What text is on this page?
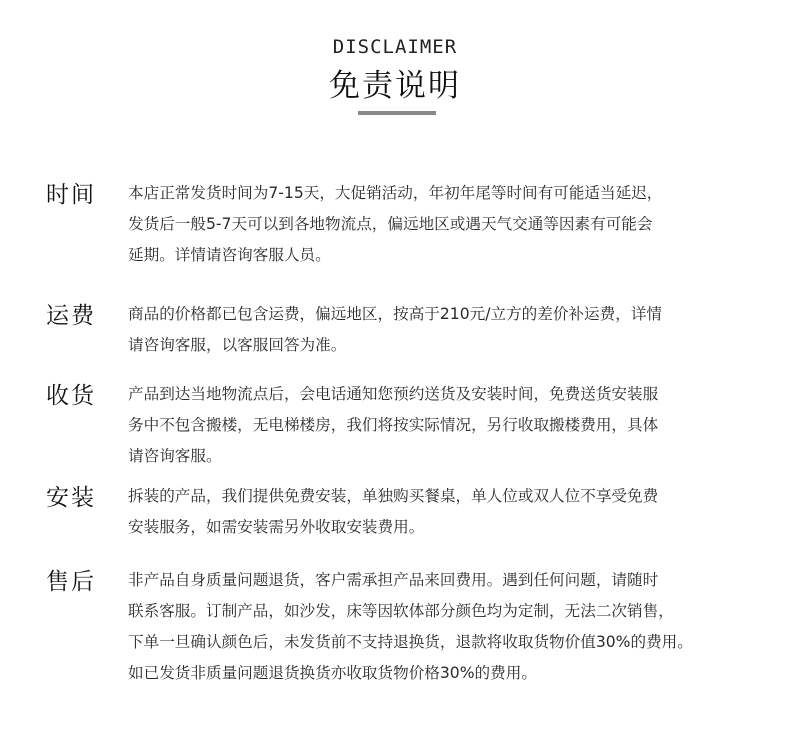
DISCLAIMER
免责说明
时间 本店正常发货时间为7-15天，大促销活动，年初年尾等时间有可能适当延迟，
发货后一般5-7天可以到各地物流点，偏远地区或遇天气交通等因素有可能会
延期。详情请咨询客服人员。
运费 商品的价格都已包含运费，偏远地区，按高于210元/立方的差价补运费，详情
请咨询客服，以客服回答为准。
收货 产品到达当地物流点后，会电话通知您预约送货及安装时间，免费送货安装服
务中不包含搬楼，无电梯楼房，我们将按实际情况，另行收取搬楼费用，具体
请咨询客服。
安装 拆装的产品，我们提供免费安装，单独购买餐桌，单人位或双人位不享受免费
安装服务，如需安装需另外收取安装费用。
售后 非产品自身质量问题退货，客户需承担产品来回费用。遇到任何问题，请随时
联系客服。订制产品，如沙发，床等因软体部分颜色均为定制，无法二次销售，
下单一旦确认颜色后，未发货前不支持退换货，退款将收取货物价值30%的费用。
如已发货非质量问题退货换货亦收取货物价格30%的费用。
